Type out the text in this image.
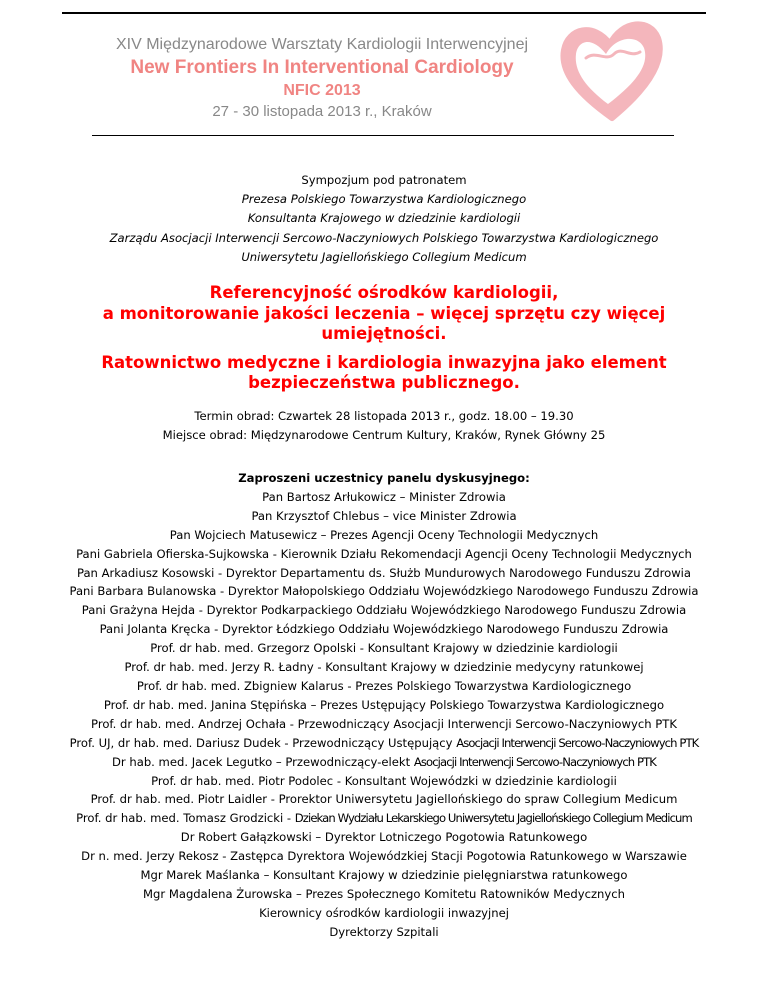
XIV Międzynarodowe Warsztaty Kardiologii Interwencyjnej
New Frontiers In Interventional Cardiology
NFIC 2013
27 - 30 listopada 2013 r., Kraków
Sympozjum pod patronatem
Prezesa Polskiego Towarzystwa Kardiologicznego
Konsultanta Krajowego w dziedzinie kardiologii
Zarządu Asocjacji Interwencji Sercowo-Naczyniowych Polskiego Towarzystwa Kardiologicznego
Uniwersytetu Jagiellońskiego Collegium Medicum
Referencyjność ośrodków kardiologii,
a monitorowanie jakości leczenia – więcej sprzętu czy więcej
umiejętności.
Ratownictwo medyczne i kardiologia inwazyjna jako element
bezpieczeństwa publicznego.
Termin obrad: Czwartek 28 listopada 2013 r., godz. 18.00 – 19.30
Miejsce obrad: Międzynarodowe Centrum Kultury, Kraków, Rynek Główny 25
Zaproszeni uczestnicy panelu dyskusyjnego:
Pan Bartosz Arłukowicz – Minister Zdrowia
Pan Krzysztof Chlebus – vice Minister Zdrowia
Pan Wojciech Matusewicz – Prezes Agencji Oceny Technologii Medycznych
Pani Gabriela Ofierska-Sujkowska - Kierownik Działu Rekomendacji Agencji Oceny Technologii Medycznych
Pan Arkadiusz Kosowski - Dyrektor Departamentu ds. Służb Mundurowych Narodowego Funduszu Zdrowia
Pani Barbara Bulanowska - Dyrektor Małopolskiego Oddziału Wojewódzkiego Narodowego Funduszu Zdrowia
Pani Grażyna Hejda - Dyrektor Podkarpackiego Oddziału Wojewódzkiego Narodowego Funduszu Zdrowia
Pani Jolanta Kręcka - Dyrektor Łódzkiego Oddziału Wojewódzkiego Narodowego Funduszu Zdrowia
Prof. dr hab. med. Grzegorz Opolski - Konsultant Krajowy w dziedzinie kardiologii
Prof. dr hab. med. Jerzy R. Ładny - Konsultant Krajowy w dziedzinie medycyny ratunkowej
Prof. dr hab. med. Zbigniew Kalarus - Prezes Polskiego Towarzystwa Kardiologicznego
Prof. dr hab. med. Janina Stępińska – Prezes Ustępujący Polskiego Towarzystwa Kardiologicznego
Prof. dr hab. med. Andrzej Ochała - Przewodniczący Asocjacji Interwencji Sercowo-Naczyniowych PTK
Prof. UJ, dr hab. med. Dariusz Dudek - Przewodniczący Ustępujący Asocjacji Interwencji Sercowo-Naczyniowych PTK
Dr hab. med. Jacek Legutko – Przewodniczący-elekt Asocjacji Interwencji Sercowo-Naczyniowych PTK
Prof. dr hab. med. Piotr Podolec - Konsultant Wojewódzki w dziedzinie kardiologii
Prof. dr hab. med. Piotr Laidler - Prorektor Uniwersytetu Jagiellońskiego do spraw Collegium Medicum
Prof. dr hab. med. Tomasz Grodzicki - Dziekan Wydziału Lekarskiego Uniwersytetu Jagiellońskiego Collegium Medicum
Dr Robert Gałązkowski – Dyrektor Lotniczego Pogotowia Ratunkowego
Dr n. med. Jerzy Rekosz - Zastępca Dyrektora Wojewódzkiej Stacji Pogotowia Ratunkowego w Warszawie
Mgr Marek Maślanka – Konsultant Krajowy w dziedzinie pielęgniarstwa ratunkowego
Mgr Magdalena Żurowska – Prezes Społecznego Komitetu Ratowników Medycznych
Kierownicy ośrodków kardiologii inwazyjnej
Dyrektorzy Szpitali
